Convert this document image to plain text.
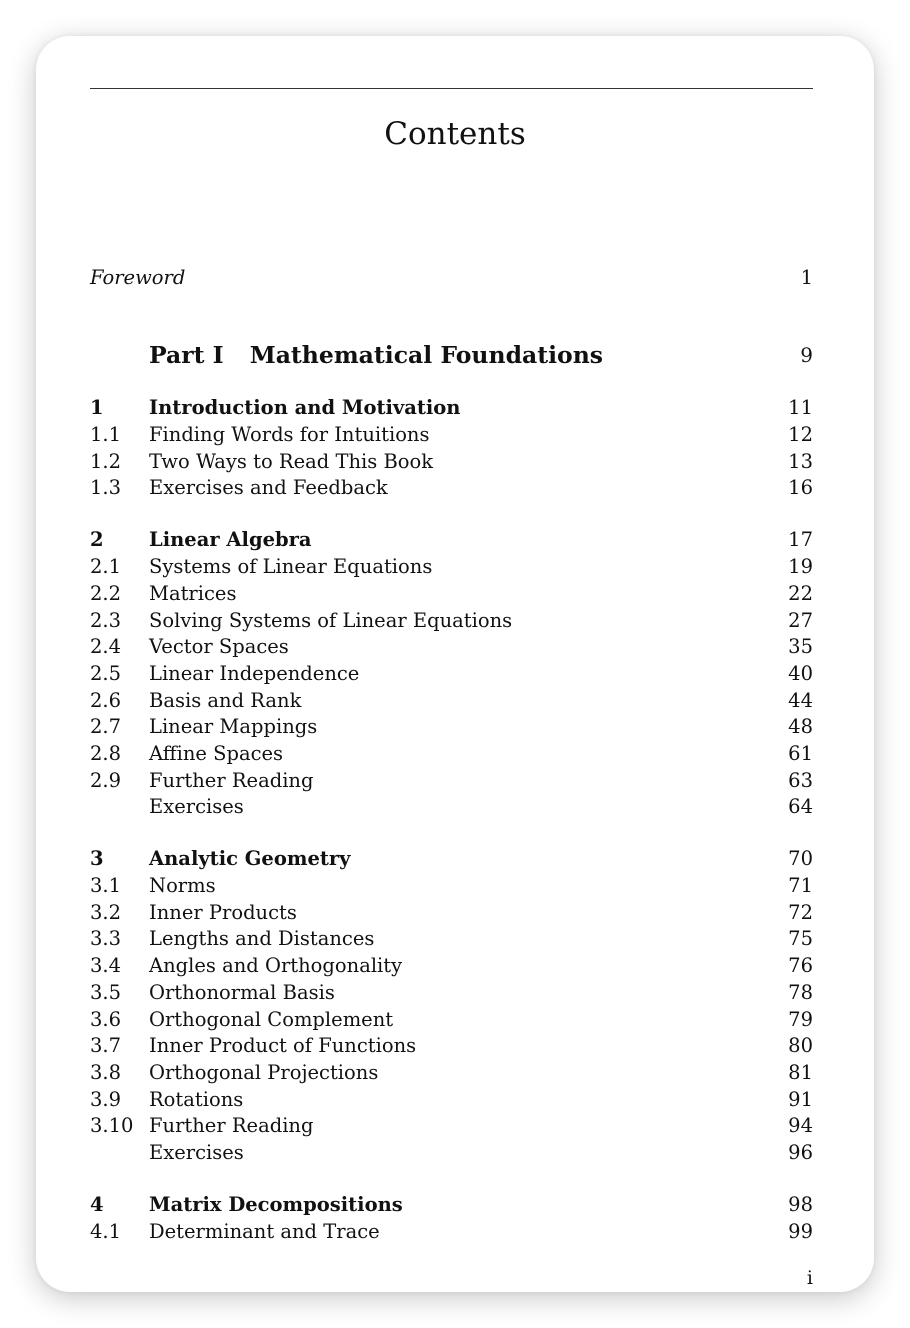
Contents
Foreword	1
Part I Mathematical Foundations	9
1 Introduction and Motivation	11
1.1 Finding Words for Intuitions	12
1.2 Two Ways to Read This Book	13
1.3 Exercises and Feedback	16
2 Linear Algebra	17
2.1 Systems of Linear Equations	19
2.2 Matrices	22
2.3 Solving Systems of Linear Equations	27
2.4 Vector Spaces	35
2.5 Linear Independence	40
2.6 Basis and Rank	44
2.7 Linear Mappings	48
2.8 Affine Spaces	61
2.9 Further Reading	63
Exercises	64
3 Analytic Geometry	70
3.1 Norms	71
3.2 Inner Products	72
3.3 Lengths and Distances	75
3.4 Angles and Orthogonality	76
3.5 Orthonormal Basis	78
3.6 Orthogonal Complement	79
3.7 Inner Product of Functions	80
3.8 Orthogonal Projections	81
3.9 Rotations	91
3.10 Further Reading	94
Exercises	96
4 Matrix Decompositions	98
4.1 Determinant and Trace	99
i
